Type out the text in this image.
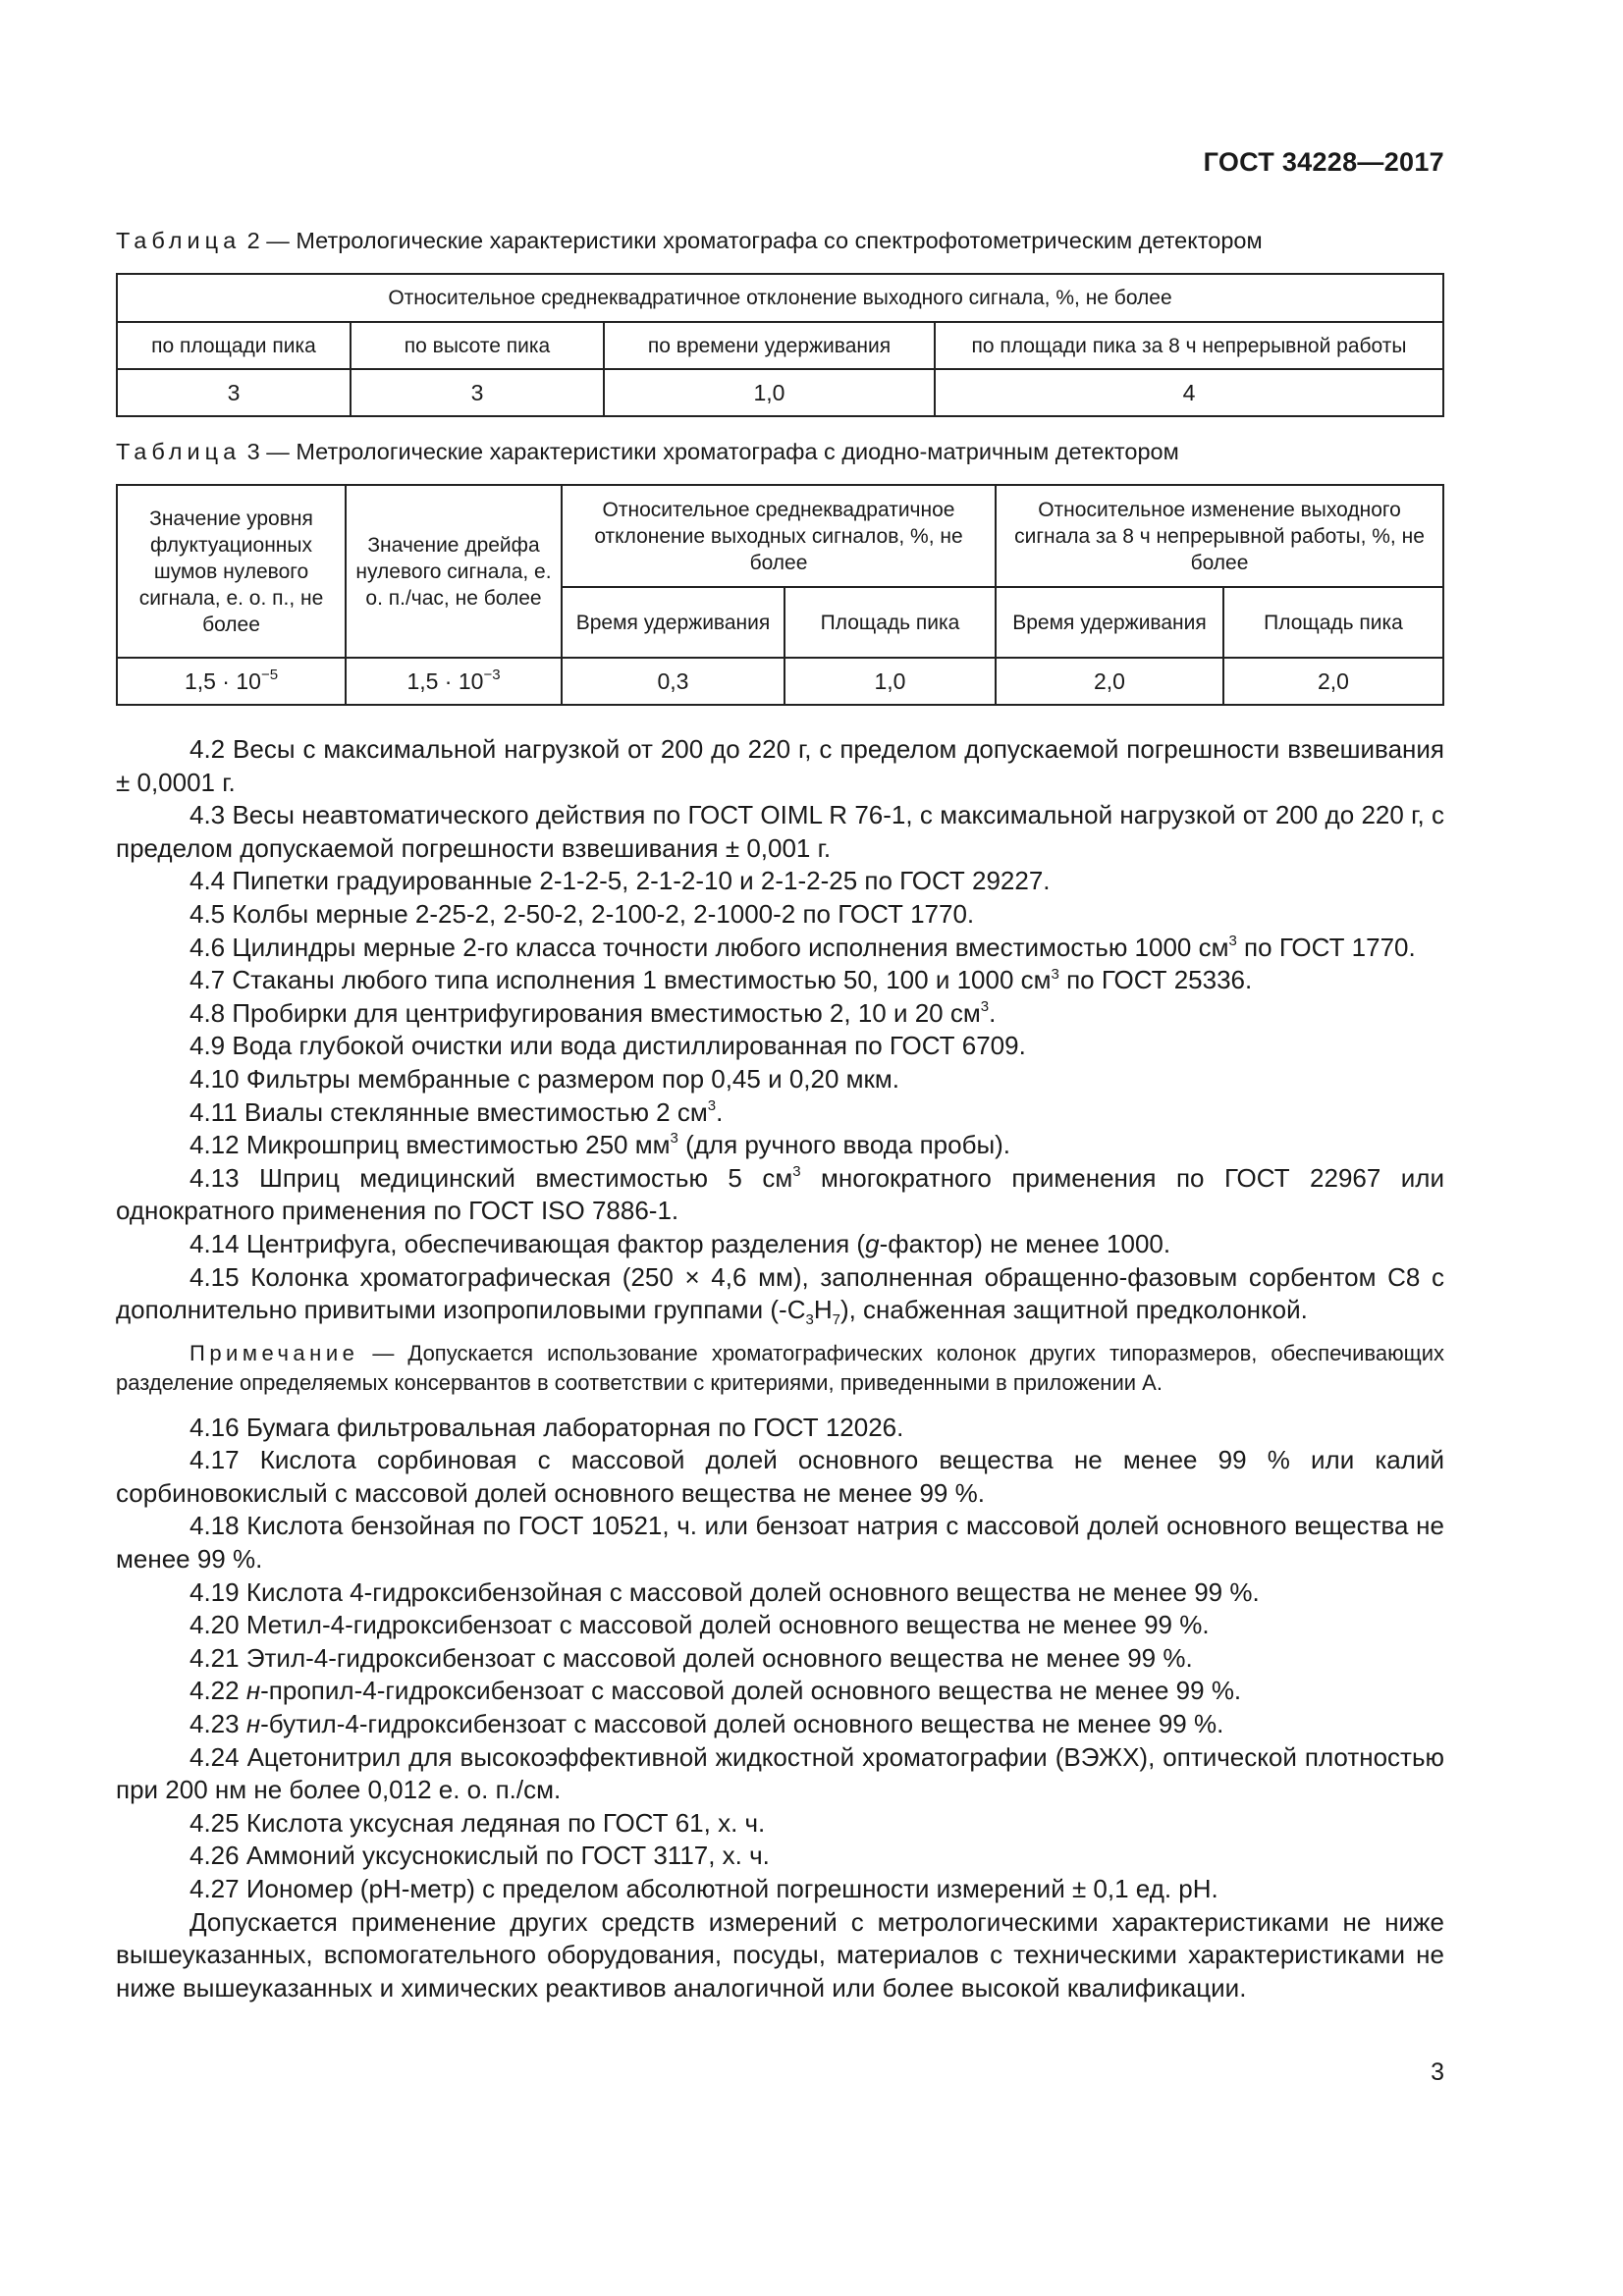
ГОСТ 34228—2017
Таблица 2 — Метрологические характеристики хроматографа со спектрофотометрическим детектором
Относительное среднеквадратичное отклонение выходного сигнала, %, не более			
по площади пика	по высоте пика	по времени удерживания	по площади пика за 8 ч непрерывной работы
3	3	1,0	4
Таблица 3 — Метрологические характеристики хроматографа с диодно-матричным детектором
Значение уровня флуктуационных шумов нулевого сигнала, е. о. п., не более	Значение дрейфа нулевого сигнала, е. о. п./час, не более	Относительное среднеквадратичное отклонение выходных сигналов, %, не более		Относительное изменение выходного сигнала за 8 ч непрерывной работы, %, не более	
		Время удерживания	Площадь пика	Время удерживания	Площадь пика
$1,5 \cdot 10^{-5}$	$1,5 \cdot 10^{-3}$	0,3	1,0	2,0	2,0

4.2 Весы с максимальной нагрузкой от 200 до 220 г, с пределом допускаемой погрешности взвешивания ± 0,0001 г.

4.3 Весы неавтоматического действия по ГОСТ OIML R 76-1, с максимальной нагрузкой от 200 до 220 г, с пределом допускаемой погрешности взвешивания ± 0,001 г.

4.4 Пипетки градуированные 2-1-2-5, 2-1-2-10 и 2-1-2-25 по ГОСТ 29227.

4.5 Колбы мерные 2-25-2, 2-50-2, 2-100-2, 2-1000-2 по ГОСТ 1770.

4.6 Цилиндры мерные 2-го класса точности любого исполнения вместимостью 1000 $см^3$ по ГОСТ 1770.

4.7 Стаканы любого типа исполнения 1 вместимостью 50, 100 и 1000 $см^3$ по ГОСТ 25336.

4.8 Пробирки для центрифугирования вместимостью 2, 10 и 20 $см^3$.

4.9 Вода глубокой очистки или вода дистиллированная по ГОСТ 6709.

4.10 Фильтры мембранные с размером пор 0,45 и 0,20 мкм.

4.11 Виалы стеклянные вместимостью 2 $см^3$.

4.12 Микрошприц вместимостью 250 $мм^3$ (для ручного ввода пробы).

4.13 Шприц медицинский вместимостью 5 $см^3$ многократного применения по ГОСТ 22967 или однократного применения по ГОСТ ISO 7886-1.

4.14 Центрифуга, обеспечивающая фактор разделения (g-фактор) не менее 1000.

4.15 Колонка хроматографическая (250 × 4,6 мм), заполненная обращенно-фазовым сорбентом С8 с дополнительно привитыми изопропиловыми группами $(-С_3Н_7)$, снабженная защитной предколонкой.

Примечание — Допускается использование хроматографических колонок других типоразмеров, обеспечивающих разделение определяемых консервантов в соответствии с критериями, приведенными в приложении А.

4.16 Бумага фильтровальная лабораторная по ГОСТ 12026.

4.17 Кислота сорбиновая с массовой долей основного вещества не менее 99 % или калий сорбиновокислый с массовой долей основного вещества не менее 99 %.

4.18 Кислота бензойная по ГОСТ 10521, ч. или бензоат натрия с массовой долей основного вещества не менее 99 %.

4.19 Кислота 4-гидроксибензойная с массовой долей основного вещества не менее 99 %.

4.20 Метил-4-гидроксибензоат с массовой долей основного вещества не менее 99 %.

4.21 Этил-4-гидроксибензоат с массовой долей основного вещества не менее 99 %.

4.22 н-пропил-4-гидроксибензоат с массовой долей основного вещества не менее 99 %.

4.23 н-бутил-4-гидроксибензоат с массовой долей основного вещества не менее 99 %.

4.24 Ацетонитрил для высокоэффективной жидкостной хроматографии (ВЭЖХ), оптической плотностью при 200 нм не более 0,012 е. о. п./см.

4.25 Кислота уксусная ледяная по ГОСТ 61, х. ч.

4.26 Аммоний уксуснокислый по ГОСТ 3117, х. ч.

4.27 Иономер (рН-метр) с пределом абсолютной погрешности измерений ± 0,1 ед. рН.

Допускается применение других средств измерений с метрологическими характеристиками не ниже вышеуказанных, вспомогательного оборудования, посуды, материалов с техническими характеристиками не ниже вышеуказанных и химических реактивов аналогичной или более высокой квалификации.

3
